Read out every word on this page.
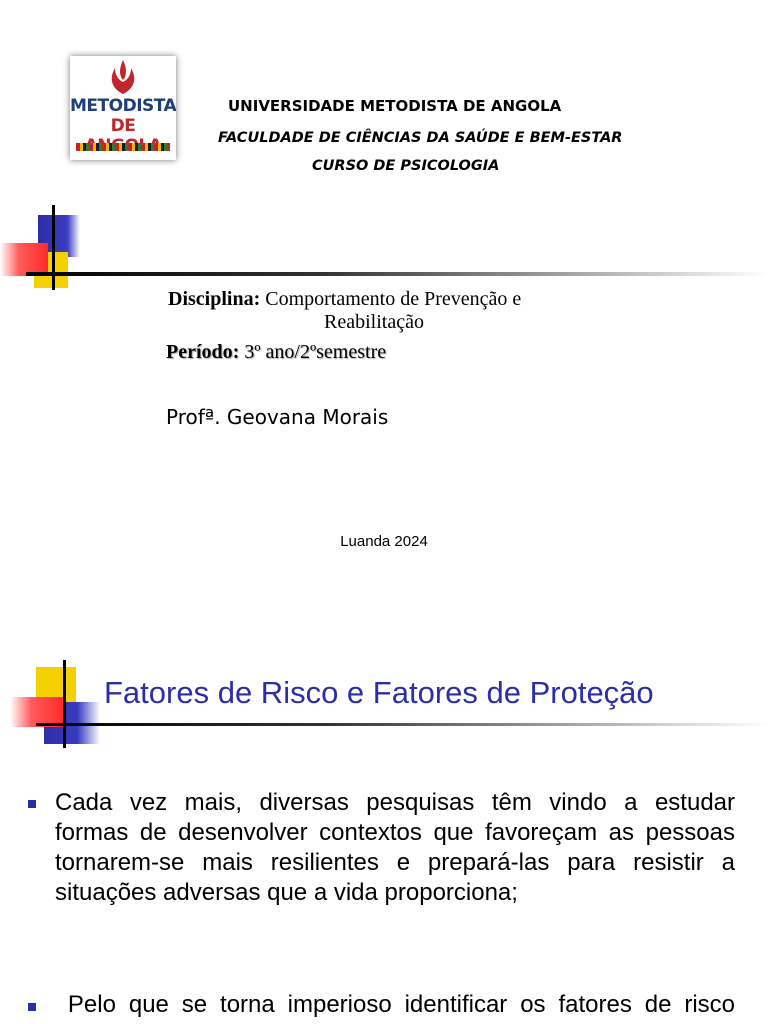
METODISTA
DE
UNIVERSIDADE METODISTA DE ANGOLA
FACULDADE DE CIÊNCIAS DA SAÚDE E BEM-ESTAR
CURSO DE PSICOLOGIA
Disciplina: Comportamento de Prevenção e
Reabilitação
Período: 3º ano/2ºsemestre
Profª. Geovana Morais
Luanda 2024
Fatores de Risco e Fatores de Proteção
Cada vez mais, diversas pesquisas têm vindo a estudar
formas de desenvolver contextos que favoreçam as pessoas
tornarem-se mais resilientes e prepará-las para resistir a
situações adversas que a vida proporciona;
Pelo que se torna imperioso identificar os fatores de risco
